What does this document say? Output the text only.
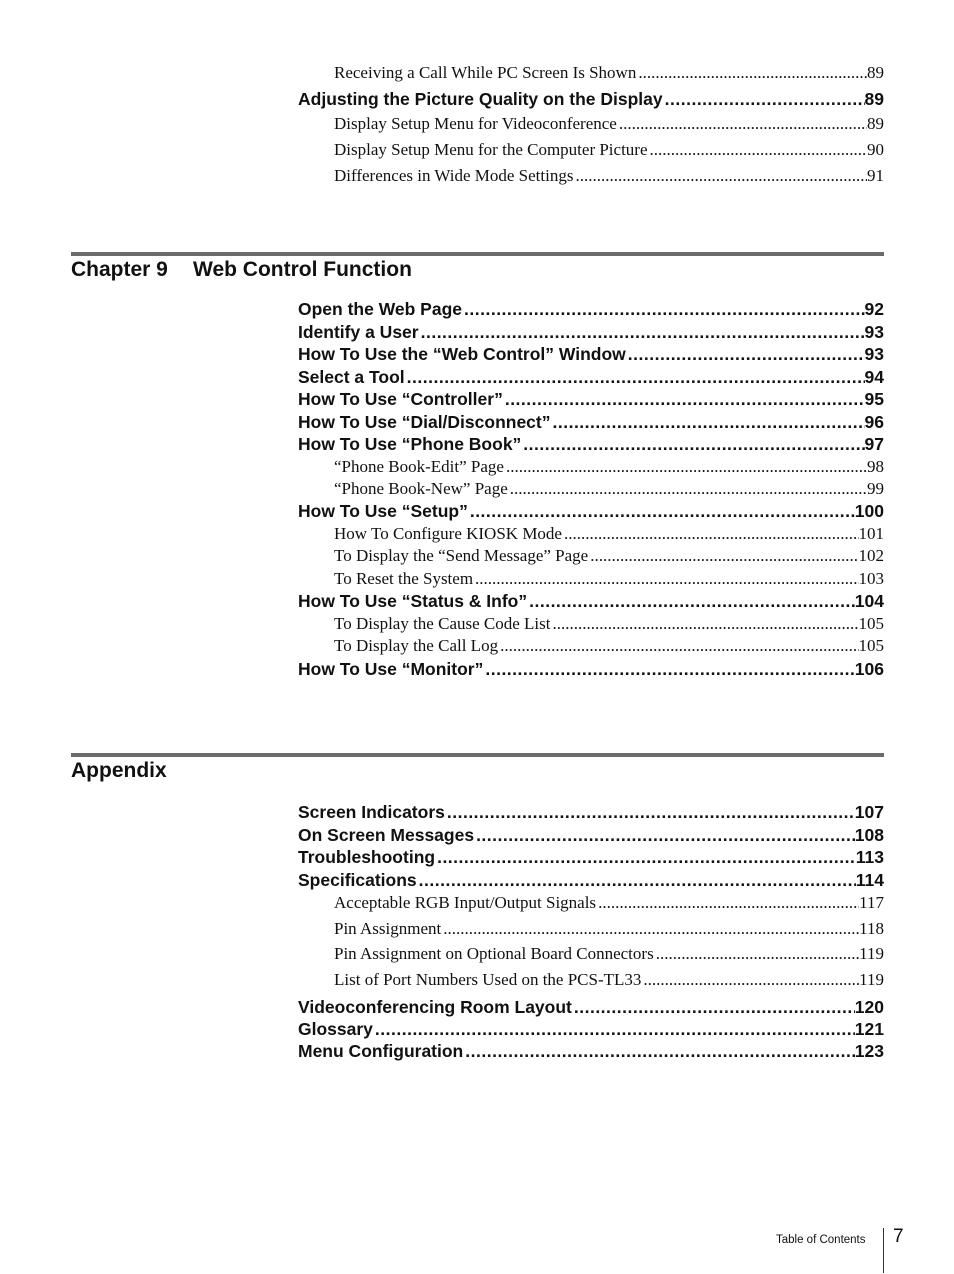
Receiving a Call While PC Screen Is Shown .....	89
Adjusting the Picture Quality on the Display .....	89
Display Setup Menu for Videoconference .....	89
Display Setup Menu for the Computer Picture .....	90
Differences in Wide Mode Settings .....	91
Chapter 9 Web Control Function
Open the Web Page .....	92
Identify a User .....	93
How To Use the “Web Control” Window .....	93
Select a Tool .....	94
How To Use “Controller” .....	95
How To Use “Dial/Disconnect” .....	96
How To Use “Phone Book” .....	97
“Phone Book-Edit” Page .....	98
“Phone Book-New” Page .....	99
How To Use “Setup” .....	100
How To Configure KIOSK Mode .....	101
To Display the “Send Message” Page .....	102
To Reset the System .....	103
How To Use “Status & Info” .....	104
To Display the Cause Code List .....	105
To Display the Call Log .....	105
How To Use “Monitor” .....	106
Appendix
Screen Indicators .....	107
On Screen Messages .....	108
Troubleshooting .....	113
Specifications .....	114
Acceptable RGB Input/Output Signals .....	117
Pin Assignment .....	118
Pin Assignment on Optional Board Connectors .....	119
List of Port Numbers Used on the PCS-TL33 .....	119
Videoconferencing Room Layout .....	120
Glossary .....	121
Menu Configuration .....	123
Table of Contents 7
